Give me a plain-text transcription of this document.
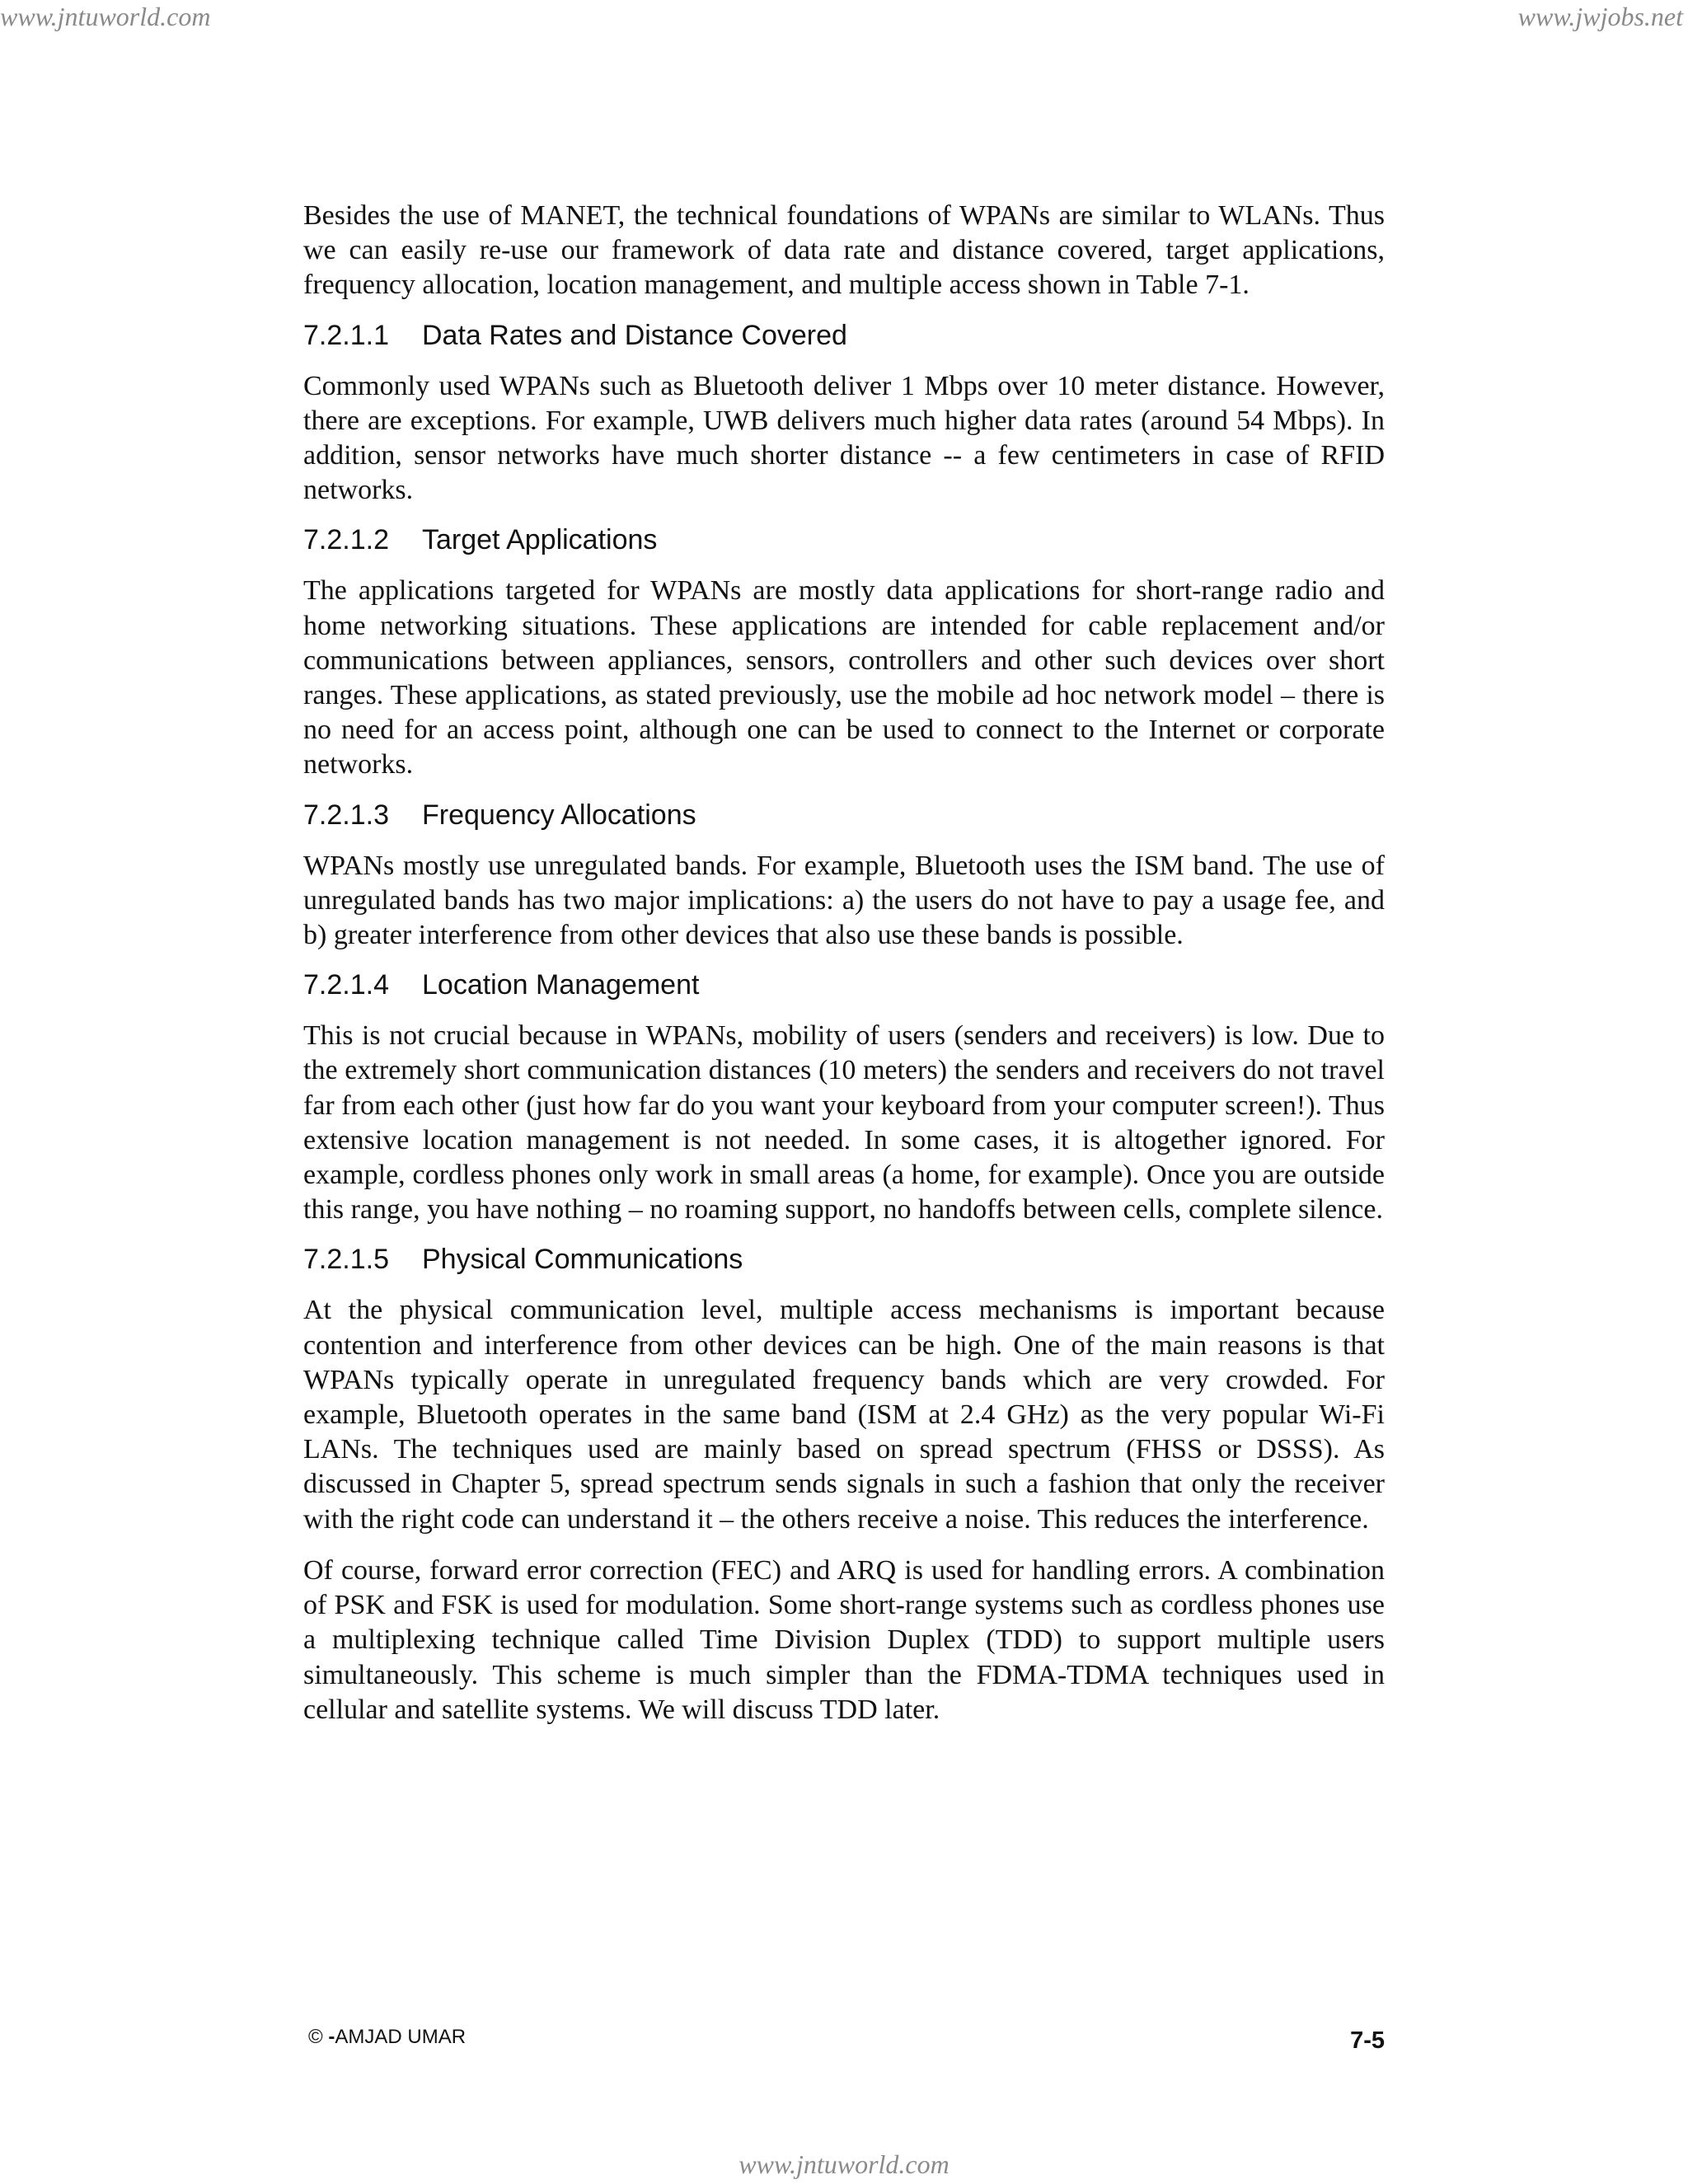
www.jntuworld.com	www.jwjobs.net

Besides the use of MANET, the technical foundations of WPANs are similar to WLANs. Thus we can easily re-use our framework of data rate and distance covered, target applications, frequency allocation, location management, and multiple access shown in Table 7-1.

7.2.1.1 Data Rates and Distance Covered

Commonly used WPANs such as Bluetooth deliver 1 Mbps over 10 meter distance. However, there are exceptions. For example, UWB delivers much higher data rates (around 54 Mbps). In addition, sensor networks have much shorter distance -- a few centimeters in case of RFID networks.

7.2.1.2 Target Applications

The applications targeted for WPANs are mostly data applications for short-range radio and home networking situations. These applications are intended for cable replacement and/or communications between appliances, sensors, controllers and other such devices over short ranges. These applications, as stated previously, use the mobile ad hoc network model – there is no need for an access point, although one can be used to connect to the Internet or corporate networks.

7.2.1.3 Frequency Allocations

WPANs mostly use unregulated bands. For example, Bluetooth uses the ISM band. The use of unregulated bands has two major implications: a) the users do not have to pay a usage fee, and b) greater interference from other devices that also use these bands is possible.

7.2.1.4 Location Management

This is not crucial because in WPANs, mobility of users (senders and receivers) is low. Due to the extremely short communication distances (10 meters) the senders and receivers do not travel far from each other (just how far do you want your keyboard from your computer screen!). Thus extensive location management is not needed. In some cases, it is altogether ignored. For example, cordless phones only work in small areas (a home, for example). Once you are outside this range, you have nothing – no roaming support, no handoffs between cells, complete silence.

7.2.1.5 Physical Communications

At the physical communication level, multiple access mechanisms is important because contention and interference from other devices can be high. One of the main reasons is that WPANs typically operate in unregulated frequency bands which are very crowded. For example, Bluetooth operates in the same band (ISM at 2.4 GHz) as the very popular Wi-Fi LANs. The techniques used are mainly based on spread spectrum (FHSS or DSSS). As discussed in Chapter 5, spread spectrum sends signals in such a fashion that only the receiver with the right code can understand it – the others receive a noise. This reduces the interference.

Of course, forward error correction (FEC) and ARQ is used for handling errors. A combination of PSK and FSK is used for modulation. Some short-range systems such as cordless phones use a multiplexing technique called Time Division Duplex (TDD) to support multiple users simultaneously. This scheme is much simpler than the FDMA-TDMA techniques used in cellular and satellite systems. We will discuss TDD later.

© -AMJAD UMAR	7-5
www.jntuworld.com
